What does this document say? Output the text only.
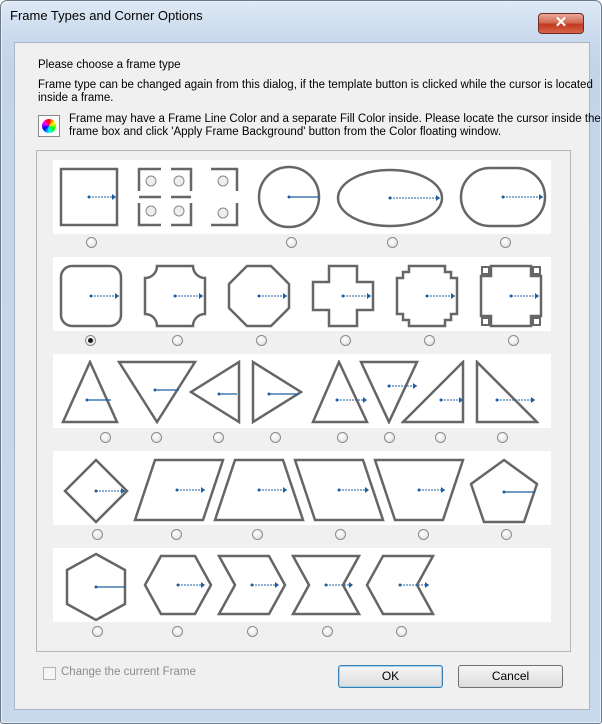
Frame Types and Corner Options	✕
Please choose a frame type
Frame type can be changed again from this dialog, if the template button is clicked while the cursor is located
inside a frame.
Frame may have a Frame Line Color and a separate Fill Color inside. Please locate the cursor inside the
frame box and click 'Apply Frame Background' button from the Color floating window.
Change the current Frame	OK	Cancel
